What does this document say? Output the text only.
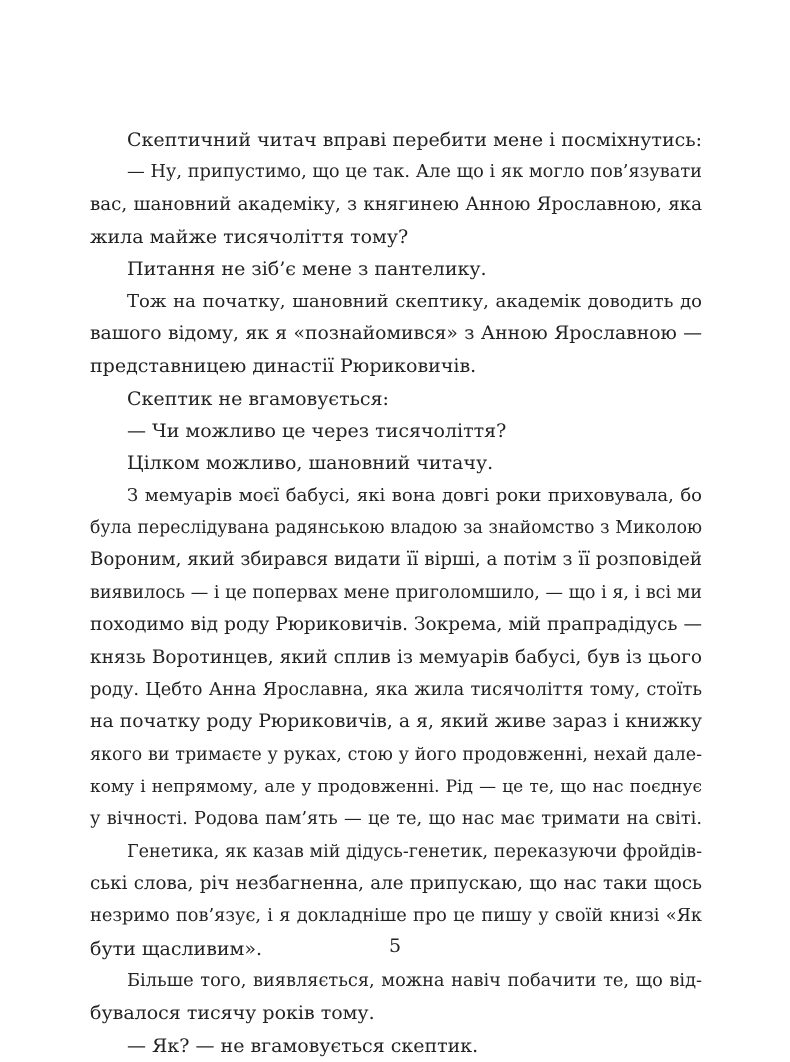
Скептичний читач вправі перебити мене і посміхнутись:
— Ну, припустимо, що це так. Але що і як могло пов’язувати
вас, шановний академіку, з княгинею Анною Ярославною, яка
жила майже тисячоліття тому?
Питання не зіб’є мене з пантелику.
Тож на початку, шановний скептику, академік доводить до
вашого відому, як я «познайомився» з Анною Ярославною —
представницею династії Рюриковичів.
Скептик не вгамовується:
— Чи можливо це через тисячоліття?
Цілком можливо, шановний читачу.
З мемуарів моєї бабусі, які вона довгі роки приховувала, бо
була переслідувана радянською владою за знайомство з Миколою
Вороним, який збирався видати її вірші, а потім з її розповідей
виявилось — і це попервах мене приголомшило, — що і я, і всі ми
походимо від роду Рюриковичів. Зокрема, мій прапрадідусь —
князь Воротинцев, який сплив із мемуарів бабусі, був із цього
роду. Цебто Анна Ярославна, яка жила тисячоліття тому, стоїть
на початку роду Рюриковичів, а я, який живе зараз і книжку
якого ви тримаєте у руках, стою у його продовженні, нехай дале-
кому і непрямому, але у продовженні. Рід — це те, що нас поєднує
у вічності. Родова пам’ять — це те, що нас має тримати на світі.
Генетика, як казав мій дідусь-генетик, переказуючи фройдів-
ські слова, річ незбагненна, але припускаю, що нас таки щось
незримо пов’язує, і я докладніше про це пишу у своїй книзі «Як
бути щасливим».
Більше того, виявляється, можна навіч побачити те, що від-
бувалося тисячу років тому.
— Як? — не вгамовується скептик.
5
